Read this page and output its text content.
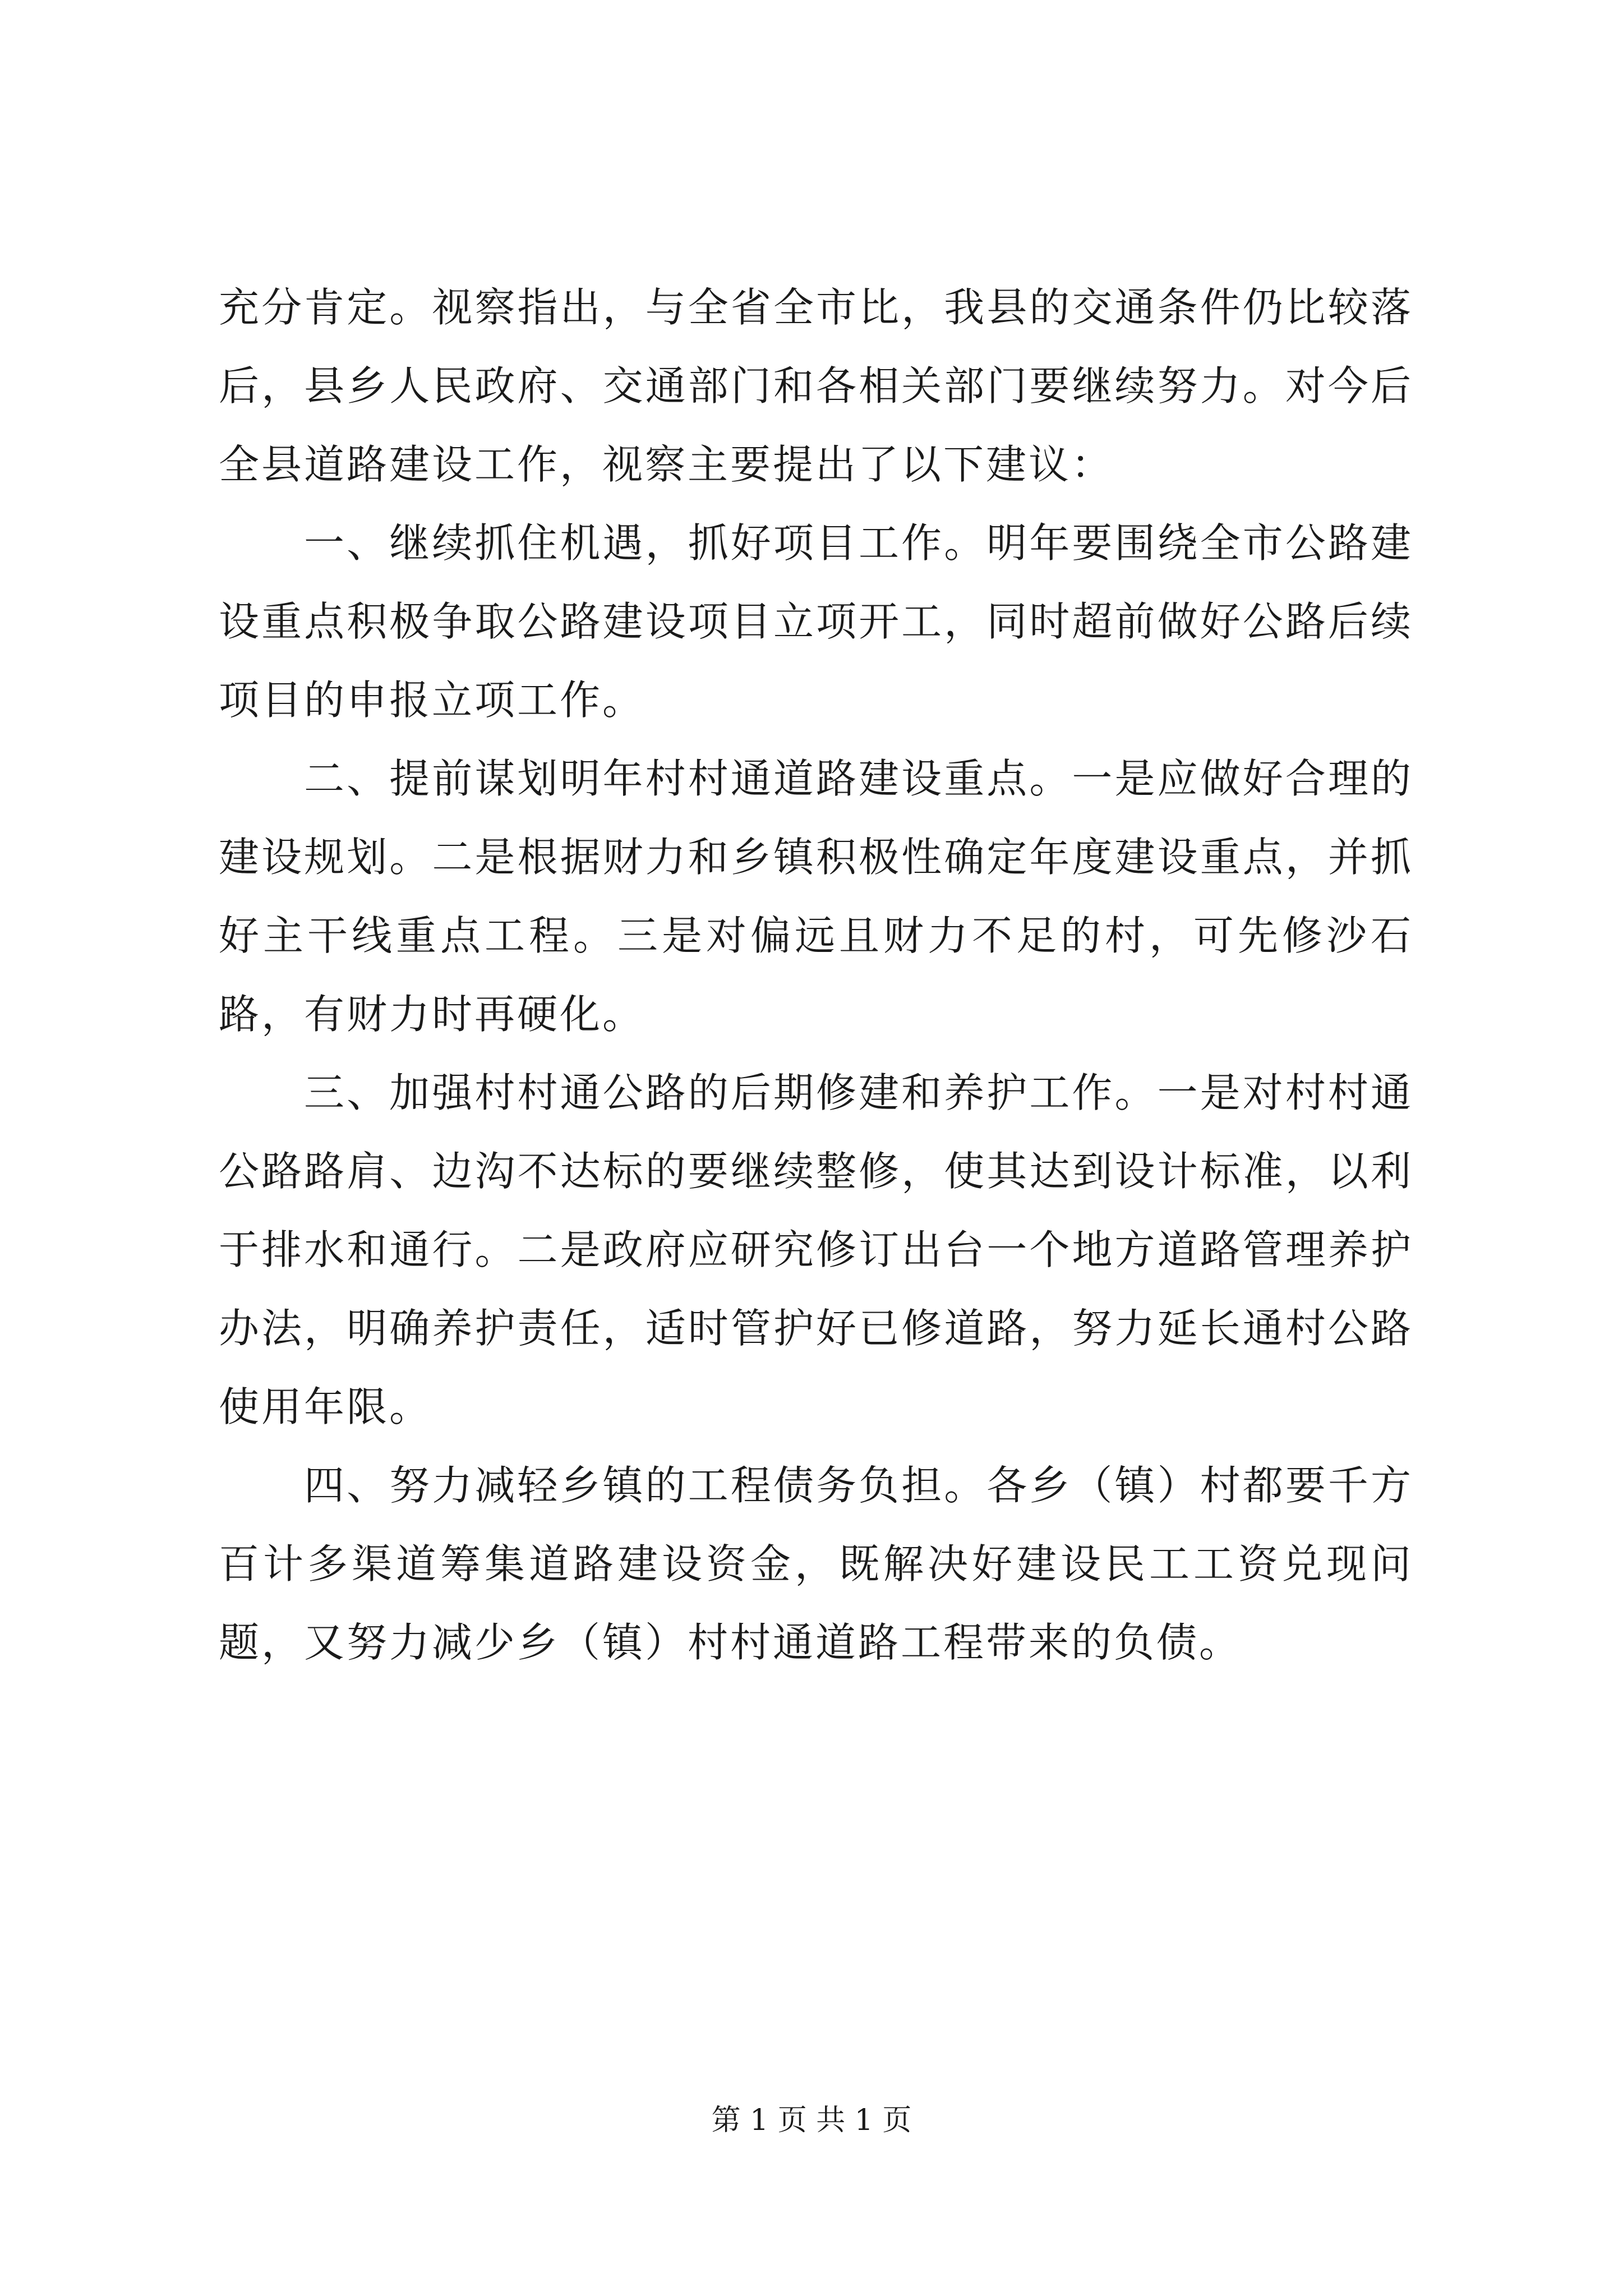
充分肯定。视察指出，与全省全市比，我县的交通条件仍比较落后，县乡人民政府、交通部门和各相关部门要继续努力。对今后全县道路建设工作，视察主要提出了以下建议：

一、继续抓住机遇，抓好项目工作。明年要围绕全市公路建设重点积极争取公路建设项目立项开工，同时超前做好公路后续项目的申报立项工作。

二、提前谋划明年村村通道路建设重点。一是应做好合理的建设规划。二是根据财力和乡镇积极性确定年度建设重点，并抓好主干线重点工程。三是对偏远且财力不足的村，可先修沙石路，有财力时再硬化。

三、加强村村通公路的后期修建和养护工作。一是对村村通公路路肩、边沟不达标的要继续整修，使其达到设计标准，以利于排水和通行。二是政府应研究修订出台一个地方道路管理养护办法，明确养护责任，适时管护好已修道路，努力延长通村公路使用年限。

四、努力减轻乡镇的工程债务负担。各乡（镇）村都要千方百计多渠道筹集道路建设资金，既解决好建设民工工资兑现问题，又努力减少乡（镇）村村通道路工程带来的负债。

第 1 页 共 1 页
